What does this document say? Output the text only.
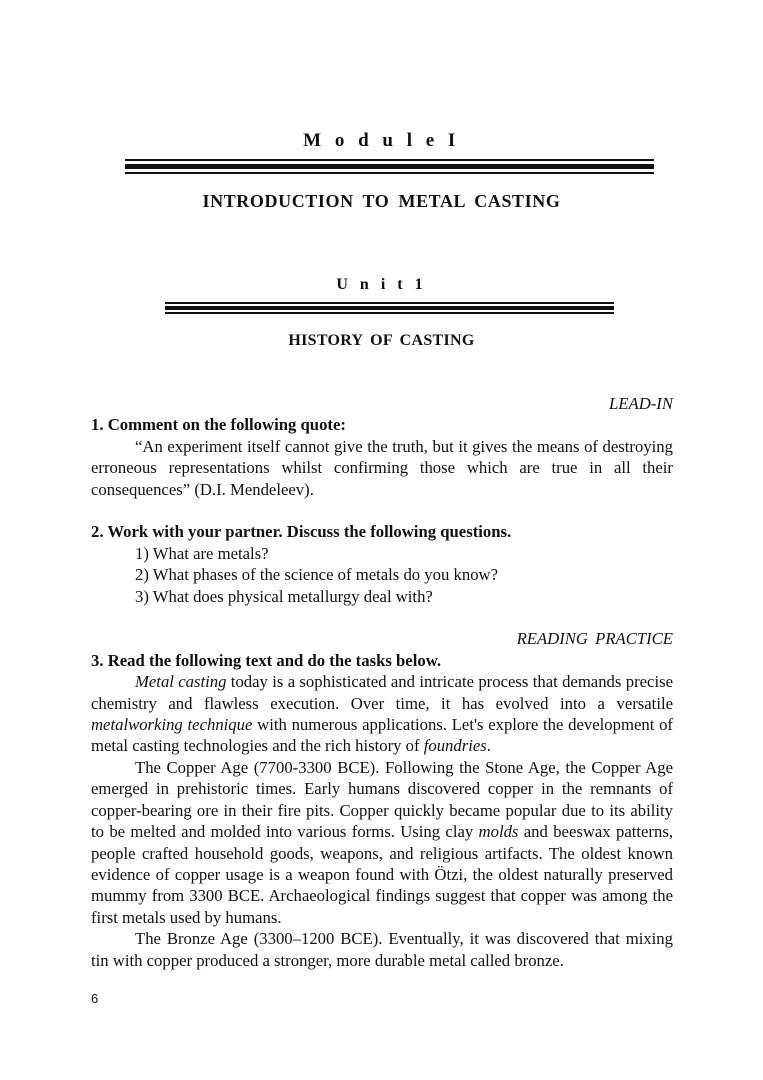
M o d u l e I
INTRODUCTION TO METAL CASTING
U n i t 1
HISTORY OF CASTING

LEAD-IN

1. Comment on the following quote:

“An experiment itself cannot give the truth, but it gives the means of destroying erroneous representations whilst confirming those which are true in all their consequences” (D.I. Mendeleev).

2. Work with your partner. Discuss the following questions.

1) What are metals?

2) What phases of the science of metals do you know?

3) What does physical metallurgy deal with?

READING PRACTICE

3. Read the following text and do the tasks below.

Metal casting today is a sophisticated and intricate process that demands precise chemistry and flawless execution. Over time, it has evolved into a versatile metalworking technique with numerous applications. Let's explore the development of metal casting technologies and the rich history of foundries.

The Copper Age (7700-3300 BCE). Following the Stone Age, the Copper Age emerged in prehistoric times. Early humans discovered copper in the remnants of copper-bearing ore in their fire pits. Copper quickly became popular due to its ability to be melted and molded into various forms. Using clay molds and beeswax patterns, people crafted household goods, weapons, and religious artifacts. The oldest known evidence of copper usage is a weapon found with Ötzi, the oldest naturally preserved mummy from 3300 BCE. Archaeological findings suggest that copper was among the first metals used by humans.

The Bronze Age (3300–1200 BCE). Eventually, it was discovered that mixing tin with copper produced a stronger, more durable metal called bronze.

6
